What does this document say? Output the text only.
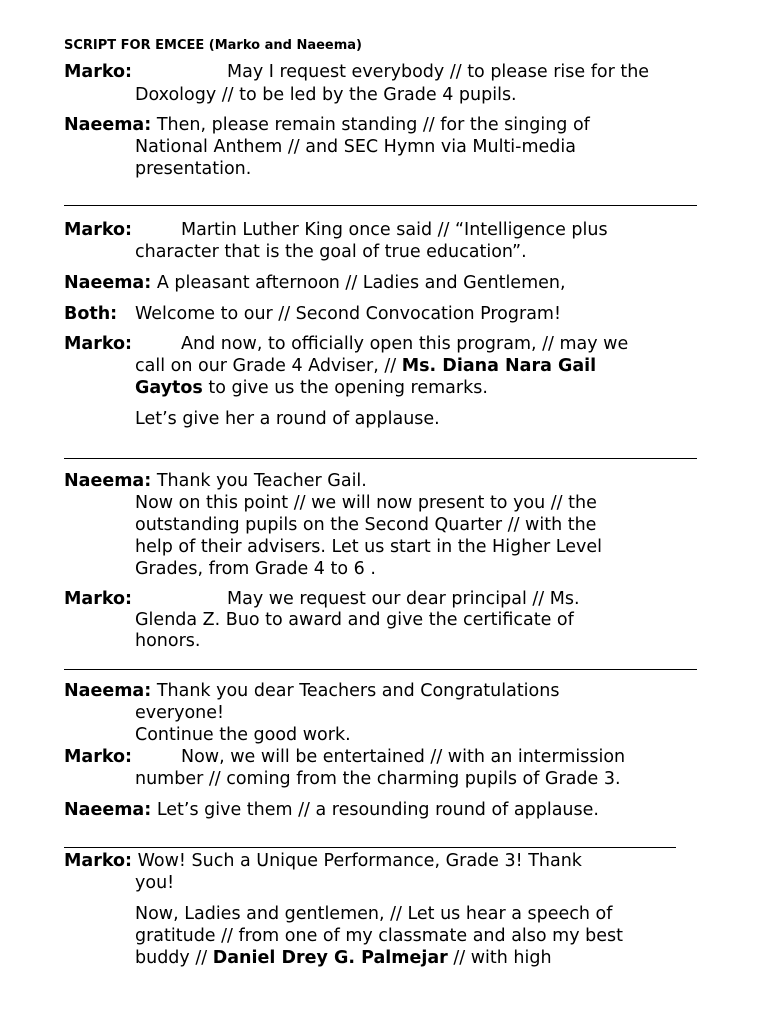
SCRIPT FOR EMCEE (Marko and Naeema)
Marko:	May I request everybody // to please rise for the
Doxology // to be led by the Grade 4 pupils.
Naeema: Then, please remain standing // for the singing of
National Anthem // and SEC Hymn via Multi-media
presentation.
Marko:	Martin Luther King once said // “Intelligence plus
character that is the goal of true education”.
Naeema: A pleasant afternoon // Ladies and Gentlemen,
Both: Welcome to our // Second Convocation Program!
Marko:	And now, to officially open this program, // may we
call on our Grade 4 Adviser, // Ms. Diana Nara Gail
Gaytos to give us the opening remarks.
Let’s give her a round of applause.
Naeema: Thank you Teacher Gail.
Now on this point // we will now present to you // the
outstanding pupils on the Second Quarter // with the
help of their advisers. Let us start in the Higher Level
Grades, from Grade 4 to 6 .
Marko:	May we request our dear principal // Ms.
Glenda Z. Buo to award and give the certificate of
honors.
Naeema: Thank you dear Teachers and Congratulations
everyone!
Continue the good work.
Marko:	Now, we will be entertained // with an intermission
number // coming from the charming pupils of Grade 3.
Naeema: Let’s give them // a resounding round of applause.
Marko: Wow! Such a Unique Performance, Grade 3! Thank
you!
Now, Ladies and gentlemen, // Let us hear a speech of
gratitude // from one of my classmate and also my best
buddy // Daniel Drey G. Palmejar // with high
